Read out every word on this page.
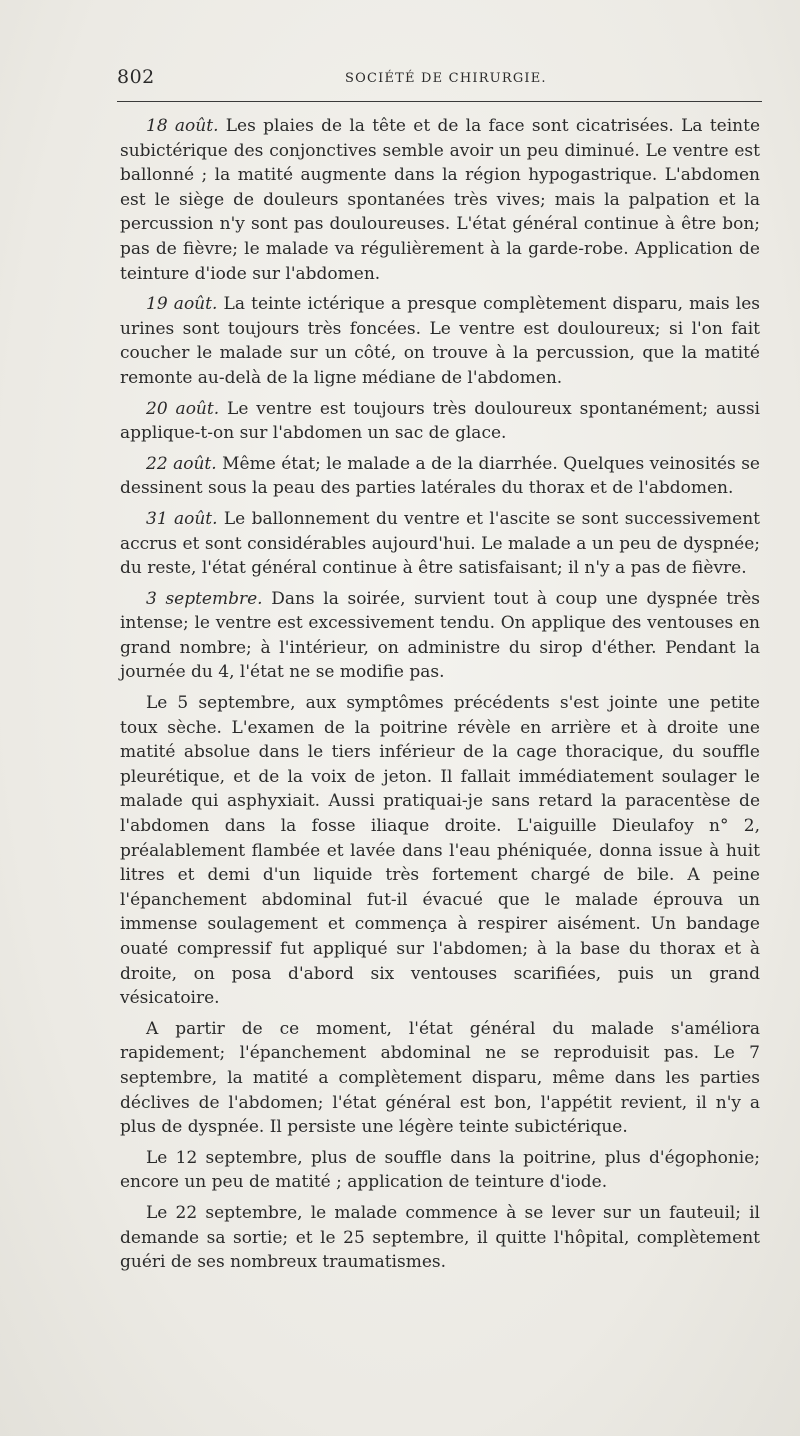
802	SOCIÉTÉ DE CHIRURGIE.

18 août. Les plaies de la tête et de la face sont cicatrisées. La teinte subictérique des conjonctives semble avoir un peu diminué. Le ventre est ballonné ; la matité augmente dans la région hypogastrique. L'abdomen est le siège de douleurs spontanées très vives; mais la palpation et la percussion n'y sont pas douloureuses. L'état général continue à être bon; pas de fièvre; le malade va régulièrement à la garde-robe. Application de teinture d'iode sur l'abdomen.

19 août. La teinte ictérique a presque complètement disparu, mais les urines sont toujours très foncées. Le ventre est douloureux; si l'on fait coucher le malade sur un côté, on trouve à la percussion, que la matité remonte au-delà de la ligne médiane de l'abdomen.

20 août. Le ventre est toujours très douloureux spontanément; aussi applique-t-on sur l'abdomen un sac de glace.

22 août. Même état; le malade a de la diarrhée. Quelques veinosités se dessinent sous la peau des parties latérales du thorax et de l'abdomen.

31 août. Le ballonnement du ventre et l'ascite se sont successivement accrus et sont considérables aujourd'hui. Le malade a un peu de dyspnée; du reste, l'état général continue à être satisfaisant; il n'y a pas de fièvre.

3 septembre. Dans la soirée, survient tout à coup une dyspnée très intense; le ventre est excessivement tendu. On applique des ventouses en grand nombre; à l'intérieur, on administre du sirop d'éther. Pendant la journée du 4, l'état ne se modifie pas.

Le 5 septembre, aux symptômes précédents s'est jointe une petite toux sèche. L'examen de la poitrine révèle en arrière et à droite une matité absolue dans le tiers inférieur de la cage thoracique, du souffle pleurétique, et de la voix de jeton. Il fallait immédiatement soulager le malade qui asphyxiait. Aussi pratiquai-je sans retard la paracentèse de l'abdomen dans la fosse iliaque droite. L'aiguille Dieulafoy n° 2, préalablement flambée et lavée dans l'eau phéniquée, donna issue à huit litres et demi d'un liquide très fortement chargé de bile. A peine l'épanchement abdominal fut-il évacué que le malade éprouva un immense soulagement et commença à respirer aisément. Un bandage ouaté compressif fut appliqué sur l'abdomen; à la base du thorax et à droite, on posa d'abord six ventouses scarifiées, puis un grand vésicatoire.

A partir de ce moment, l'état général du malade s'améliora rapidement; l'épanchement abdominal ne se reproduisit pas. Le 7 septembre, la matité a complètement disparu, même dans les parties déclives de l'abdomen; l'état général est bon, l'appétit revient, il n'y a plus de dyspnée. Il persiste une légère teinte subictérique.

Le 12 septembre, plus de souffle dans la poitrine, plus d'égophonie; encore un peu de matité ; application de teinture d'iode.

Le 22 septembre, le malade commence à se lever sur un fauteuil; il demande sa sortie; et le 25 septembre, il quitte l'hôpital, complètement guéri de ses nombreux traumatismes.
